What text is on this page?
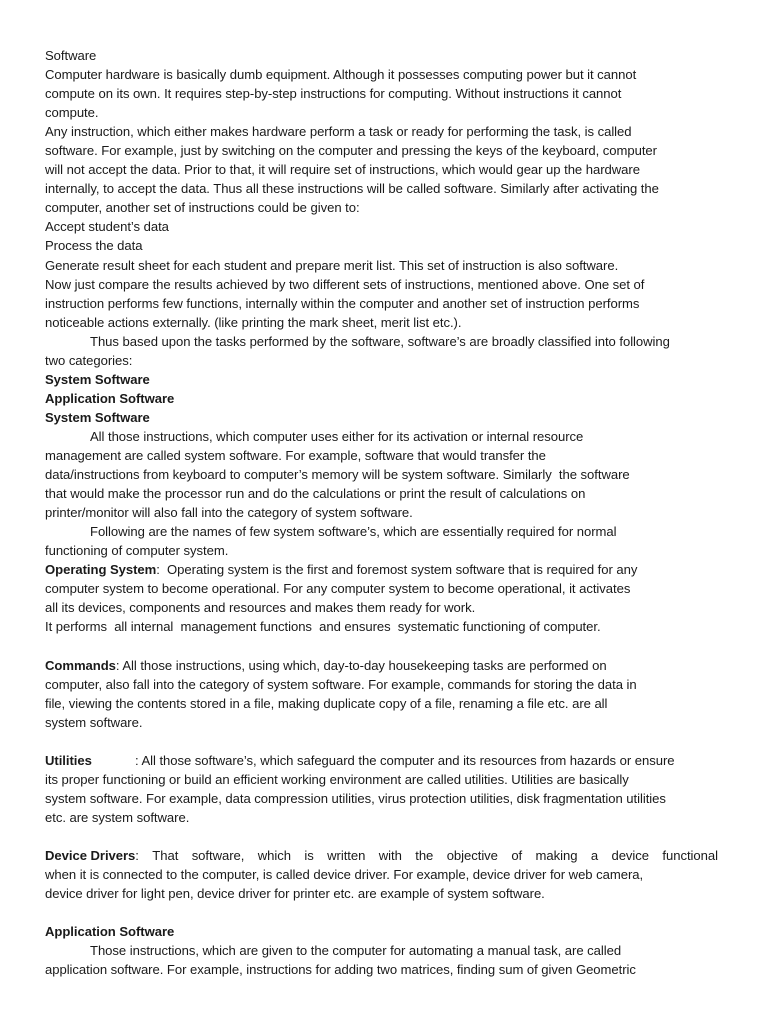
Software
Computer hardware is basically dumb equipment. Although it possesses computing power but it cannot
compute on its own. It requires step-by-step instructions for computing. Without instructions it cannot
compute.
Any instruction, which either makes hardware perform a task or ready for performing the task, is called
software. For example, just by switching on the computer and pressing the keys of the keyboard, computer
will not accept the data. Prior to that, it will require set of instructions, which would gear up the hardware
internally, to accept the data. Thus all these instructions will be called software. Similarly after activating the
computer, another set of instructions could be given to:
Accept student’s data
Process the data
Generate result sheet for each student and prepare merit list. This set of instruction is also software.
Now just compare the results achieved by two different sets of instructions, mentioned above. One set of
instruction performs few functions, internally within the computer and another set of instruction performs
noticeable actions externally. (like printing the mark sheet, merit list etc.).
Thus based upon the tasks performed by the software, software’s are broadly classified into following
two categories:
System Software
Application Software
System Software
All those instructions, which computer uses either for its activation or internal resource
management are called system software. For example, software that would transfer the
data/instructions from keyboard to computer’s memory will be system software. Similarly  the software
that would make the processor run and do the calculations or print the result of calculations on
printer/monitor will also fall into the category of system software.
Following are the names of few system software’s, which are essentially required for normal
functioning of computer system.
Operating System:  Operating system is the first and foremost system software that is required for any
computer system to become operational. For any computer system to become operational, it activates
all its devices, components and resources and makes them ready for work.
It performs  all internal  management functions  and ensures  systematic functioning of computer.
Commands: All those instructions, using which, day-to-day housekeeping tasks are performed on
computer, also fall into the category of system software. For example, commands for storing the data in
file, viewing the contents stored in a file, making duplicate copy of a file, renaming a file etc. are all
system software.
Utilities	: All those software’s, which safeguard the computer and its resources from hazards or ensure
its proper functioning or build an efficient working environment are called utilities. Utilities are basically
system software. For example, data compression utilities, virus protection utilities, disk fragmentation utilities
etc. are system software.
Device Drivers: That software, which is written with the objective of making a device functional
when it is connected to the computer, is called device driver. For example, device driver for web camera,
device driver for light pen, device driver for printer etc. are example of system software.
Application Software
Those instructions, which are given to the computer for automating a manual task, are called
application software. For example, instructions for adding two matrices, finding sum of given Geometric
